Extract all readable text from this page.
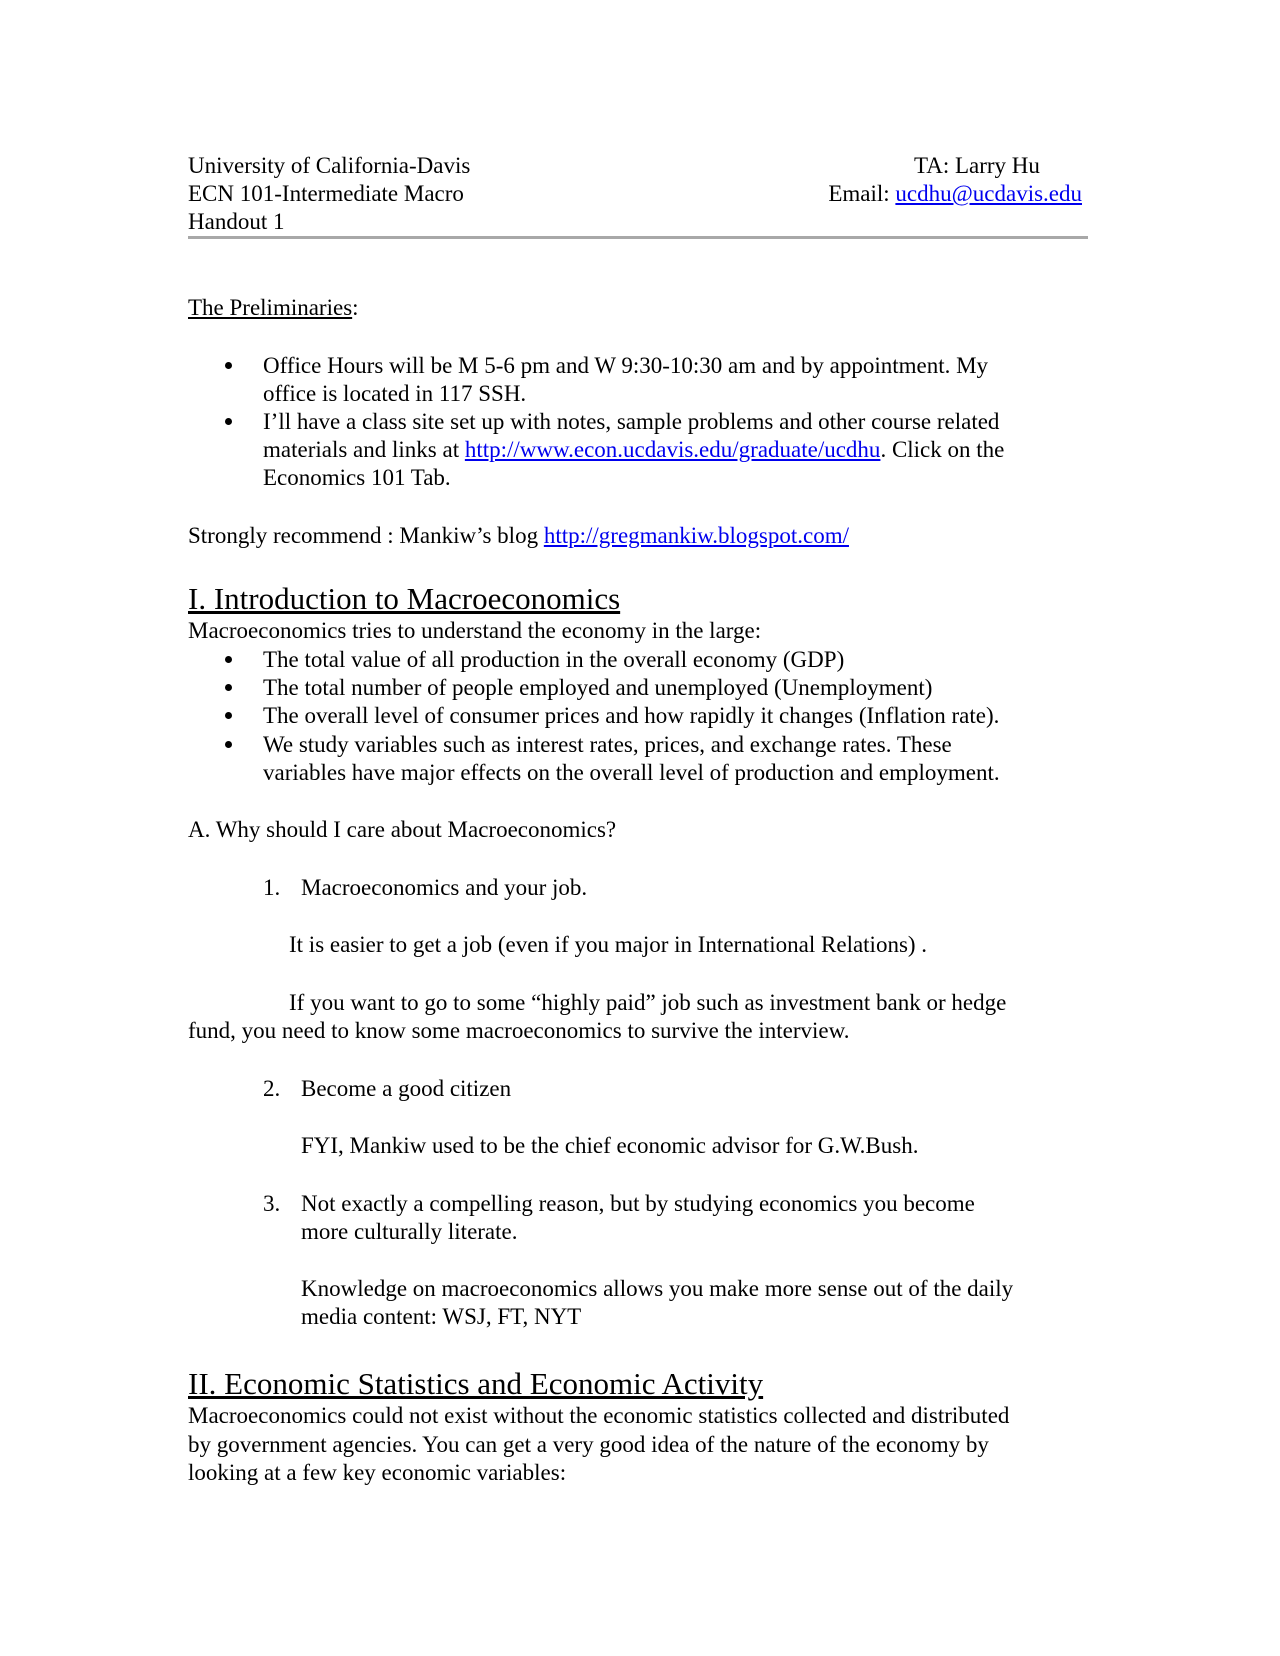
University of California-Davis
ECN 101-Intermediate Macro
Handout 1
TA: Larry Hu
Email: ucdhu@ucdavis.edu
The Preliminaries:
Office Hours will be M 5-6 pm and W 9:30-10:30 am and by appointment. My
office is located in 117 SSH.
I’ll have a class site set up with notes, sample problems and other course related
materials and links at http://www.econ.ucdavis.edu/graduate/ucdhu. Click on the
Economics 101 Tab.
Strongly recommend : Mankiw’s blog http://gregmankiw.blogspot.com/
I. Introduction to Macroeconomics
Macroeconomics tries to understand the economy in the large:
The total value of all production in the overall economy (GDP)
The total number of people employed and unemployed (Unemployment)
The overall level of consumer prices and how rapidly it changes (Inflation rate).
We study variables such as interest rates, prices, and exchange rates. These
variables have major effects on the overall level of production and employment.
A. Why should I care about Macroeconomics?
1. Macroeconomics and your job.
It is easier to get a job (even if you major in International Relations) .
If you want to go to some “highly paid” job such as investment bank or hedge
fund, you need to know some macroeconomics to survive the interview.
2. Become a good citizen
FYI, Mankiw used to be the chief economic advisor for G.W.Bush.
3. Not exactly a compelling reason, but by studying economics you become
more culturally literate.
Knowledge on macroeconomics allows you make more sense out of the daily
media content: WSJ, FT, NYT
II. Economic Statistics and Economic Activity
Macroeconomics could not exist without the economic statistics collected and distributed
by government agencies. You can get a very good idea of the nature of the economy by
looking at a few key economic variables:
